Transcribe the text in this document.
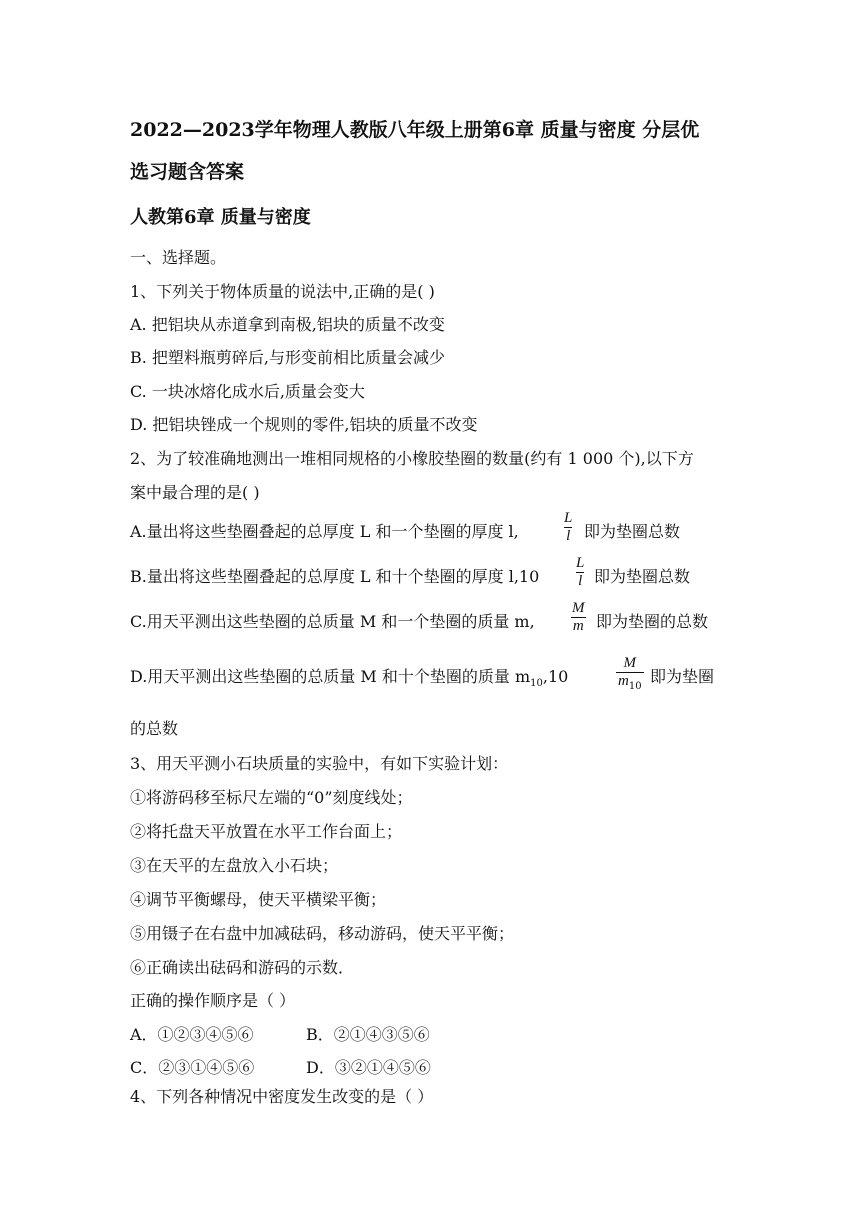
2022—2023学年物理人教版八年级上册第6章 质量与密度 分层优
选习题含答案
人教第6章 质量与密度
一、选择题。
1、下列关于物体质量的说法中,正确的是( )
A. 把铝块从赤道拿到南极,铝块的质量不改变
B. 把塑料瓶剪碎后,与形变前相比质量会减少
C. 一块冰熔化成水后,质量会变大
D. 把铝块锉成一个规则的零件,铝块的质量不改变
2、为了较准确地测出一堆相同规格的小橡胶垫圈的数量(约有 1 000 个),以下方
案中最合理的是( )
A.量出将这些垫圈叠起的总厚度 L 和一个垫圈的厚度 l,	$\frac{L}{l}$ 即为垫圈总数
B.量出将这些垫圈叠起的总厚度 L 和十个垫圈的厚度 $l,10 \frac{L}{l}$ 即为垫圈总数
C.用天平测出这些垫圈的总质量 M 和一个垫圈的质量 m, $\frac{M}{m}$ 即为垫圈的总数
D.用天平测出这些垫圈的总质量 M 和十个垫圈的质量 $m_{10},10$	$\frac{M}{m_{10}}$ 即为垫圈
的总数
3、用天平测小石块质量的实验中，有如下实验计划：
①将游码移至标尺左端的“0”刻度线处；
②将托盘天平放置在水平工作台面上；
③在天平的左盘放入小石块；
④调节平衡螺母，使天平横梁平衡；
⑤用镊子在右盘中加减砝码，移动游码，使天平平衡；
⑥正确读出砝码和游码的示数．
正确的操作顺序是（ ）
A．①②③④⑤⑥	B．②①④③⑤⑥
C．②③①④⑤⑥	D．③②①④⑤⑥
4、下列各种情况中密度发生改变的是（ ）
